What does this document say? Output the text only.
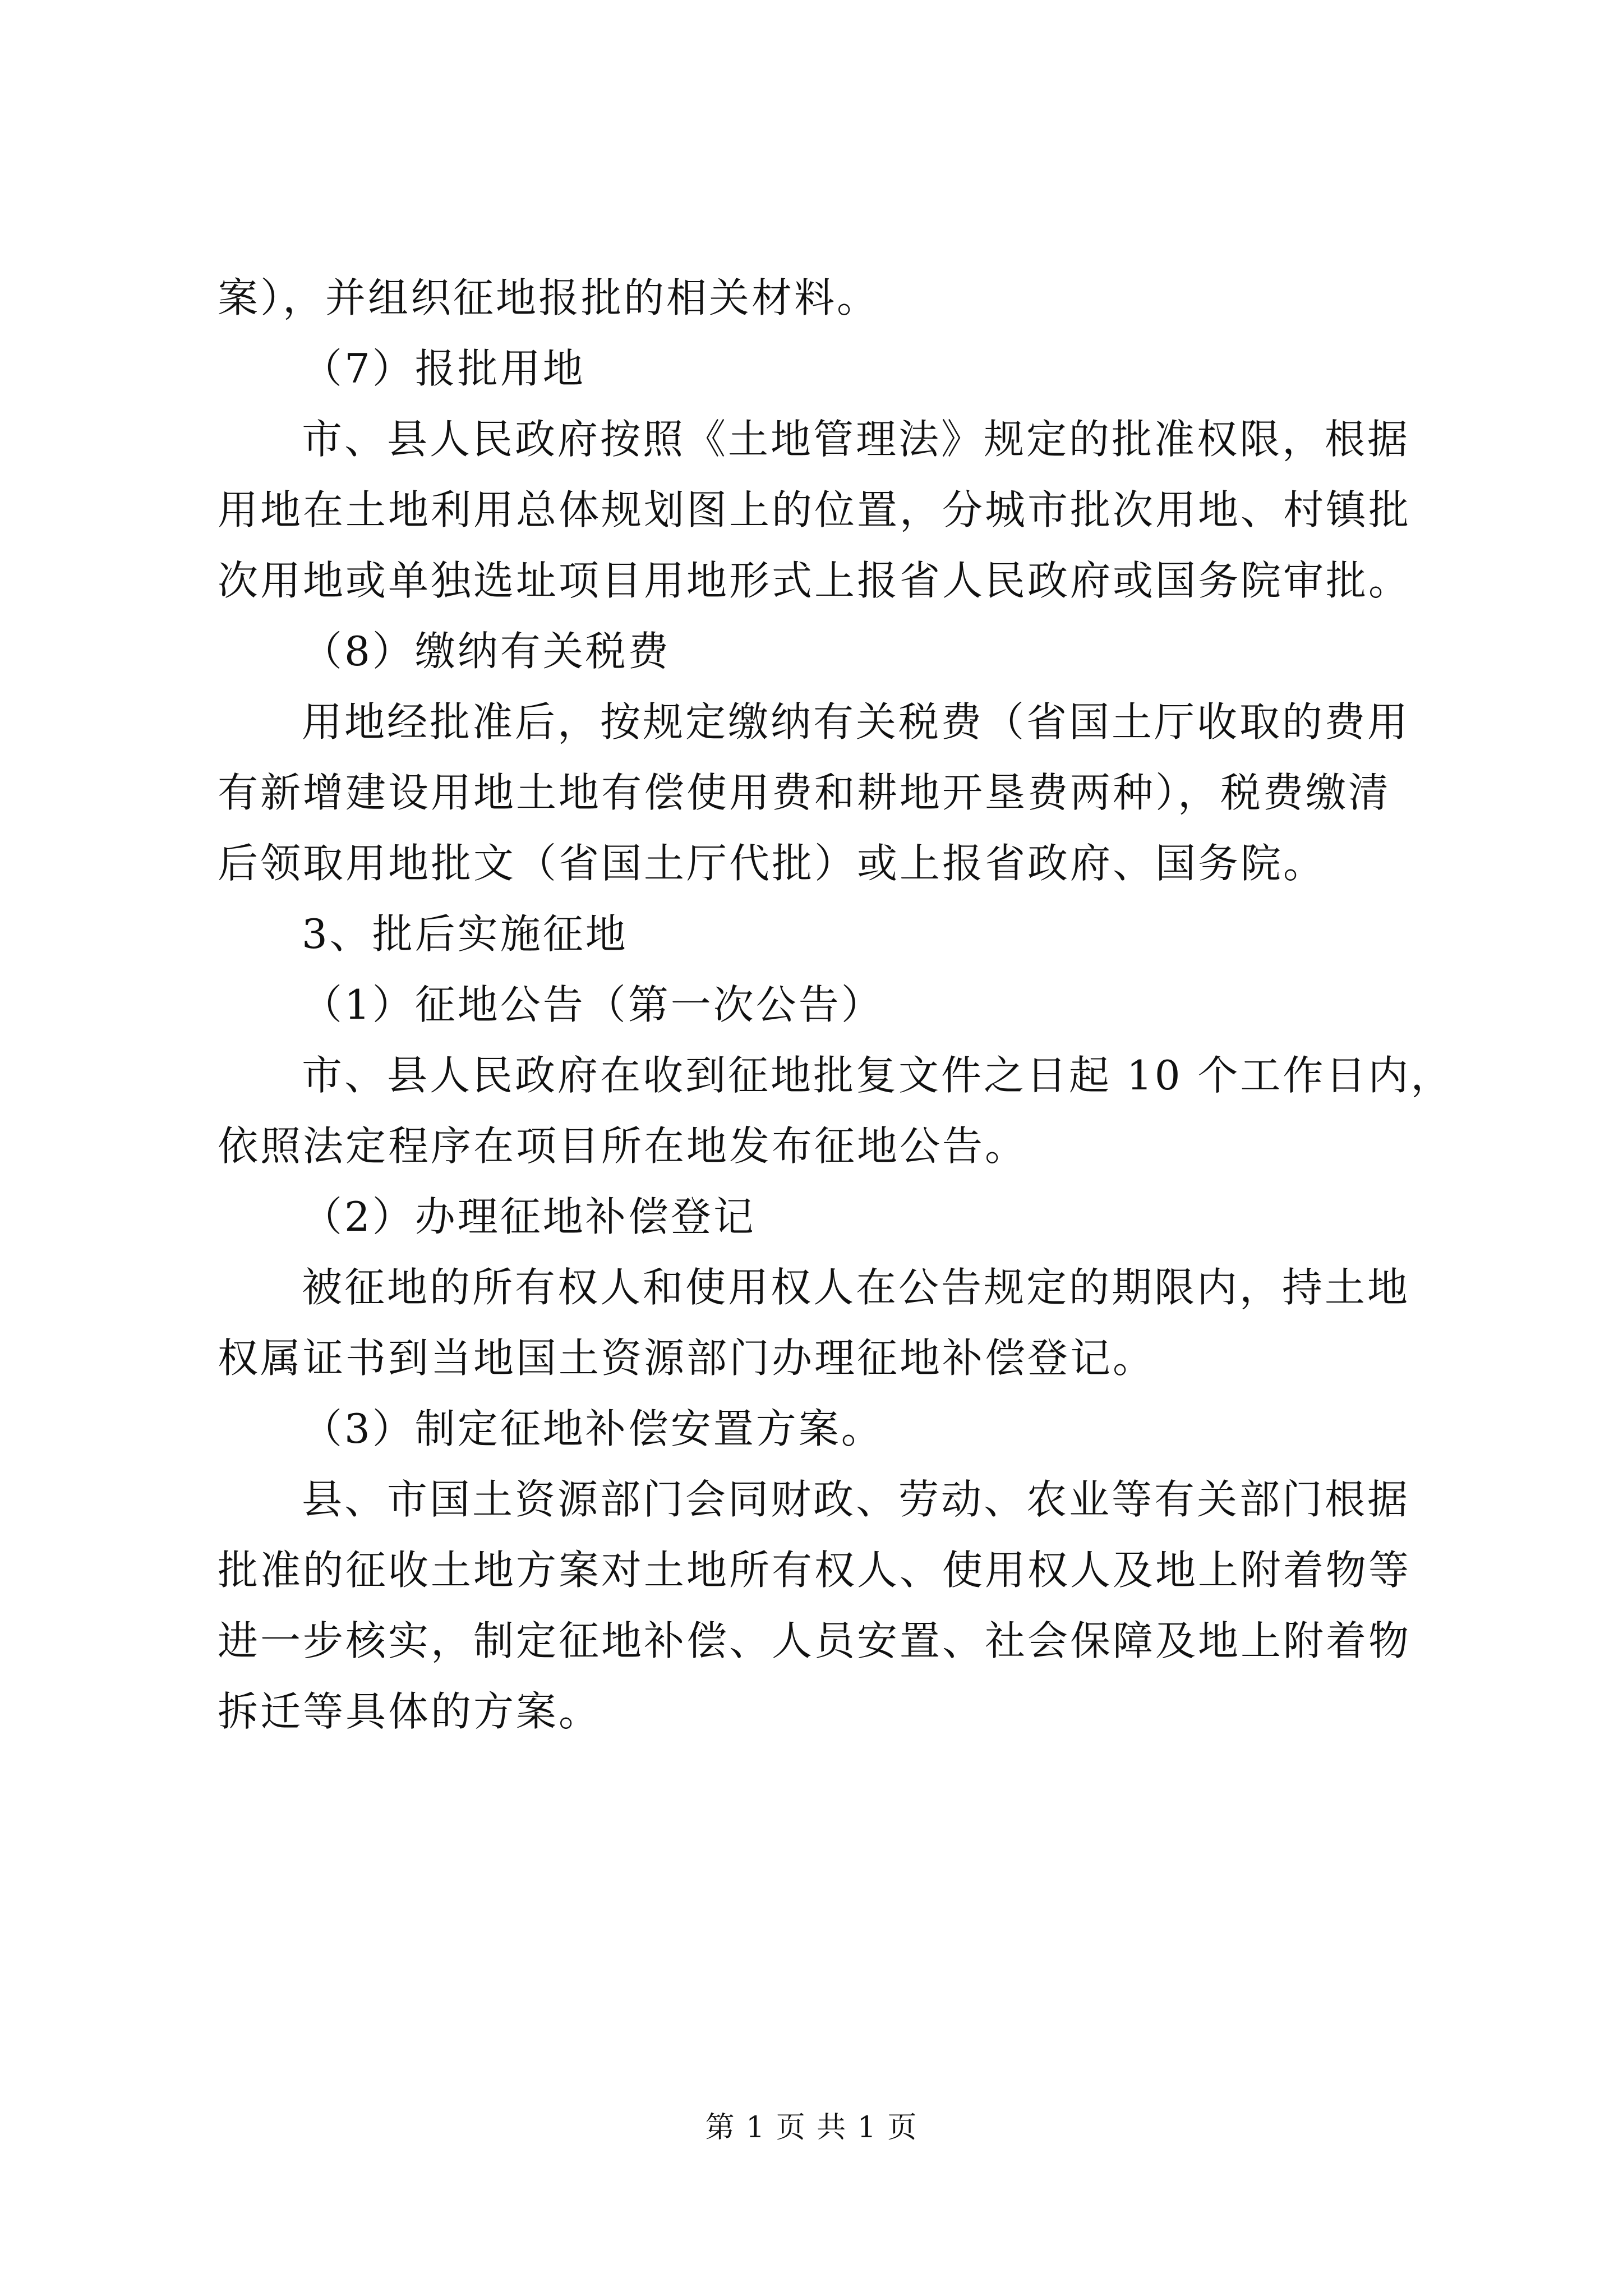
案），并组织征地报批的相关材料。
（7）报批用地
市、县人民政府按照《土地管理法》规定的批准权限，根据
用地在土地利用总体规划图上的位置，分城市批次用地、村镇批
次用地或单独选址项目用地形式上报省人民政府或国务院审批。
（8）缴纳有关税费
用地经批准后，按规定缴纳有关税费（省国土厅收取的费用
有新增建设用地土地有偿使用费和耕地开垦费两种），税费缴清
后领取用地批文（省国土厅代批）或上报省政府、国务院。
3、批后实施征地
（1）征地公告（第一次公告）
市、县人民政府在收到征地批复文件之日起 10 个工作日内，
依照法定程序在项目所在地发布征地公告。
（2）办理征地补偿登记
被征地的所有权人和使用权人在公告规定的期限内，持土地
权属证书到当地国土资源部门办理征地补偿登记。
（3）制定征地补偿安置方案。
县、市国土资源部门会同财政、劳动、农业等有关部门根据
批准的征收土地方案对土地所有权人、使用权人及地上附着物等
进一步核实，制定征地补偿、人员安置、社会保障及地上附着物
拆迁等具体的方案。
第 1 页 共 1 页
